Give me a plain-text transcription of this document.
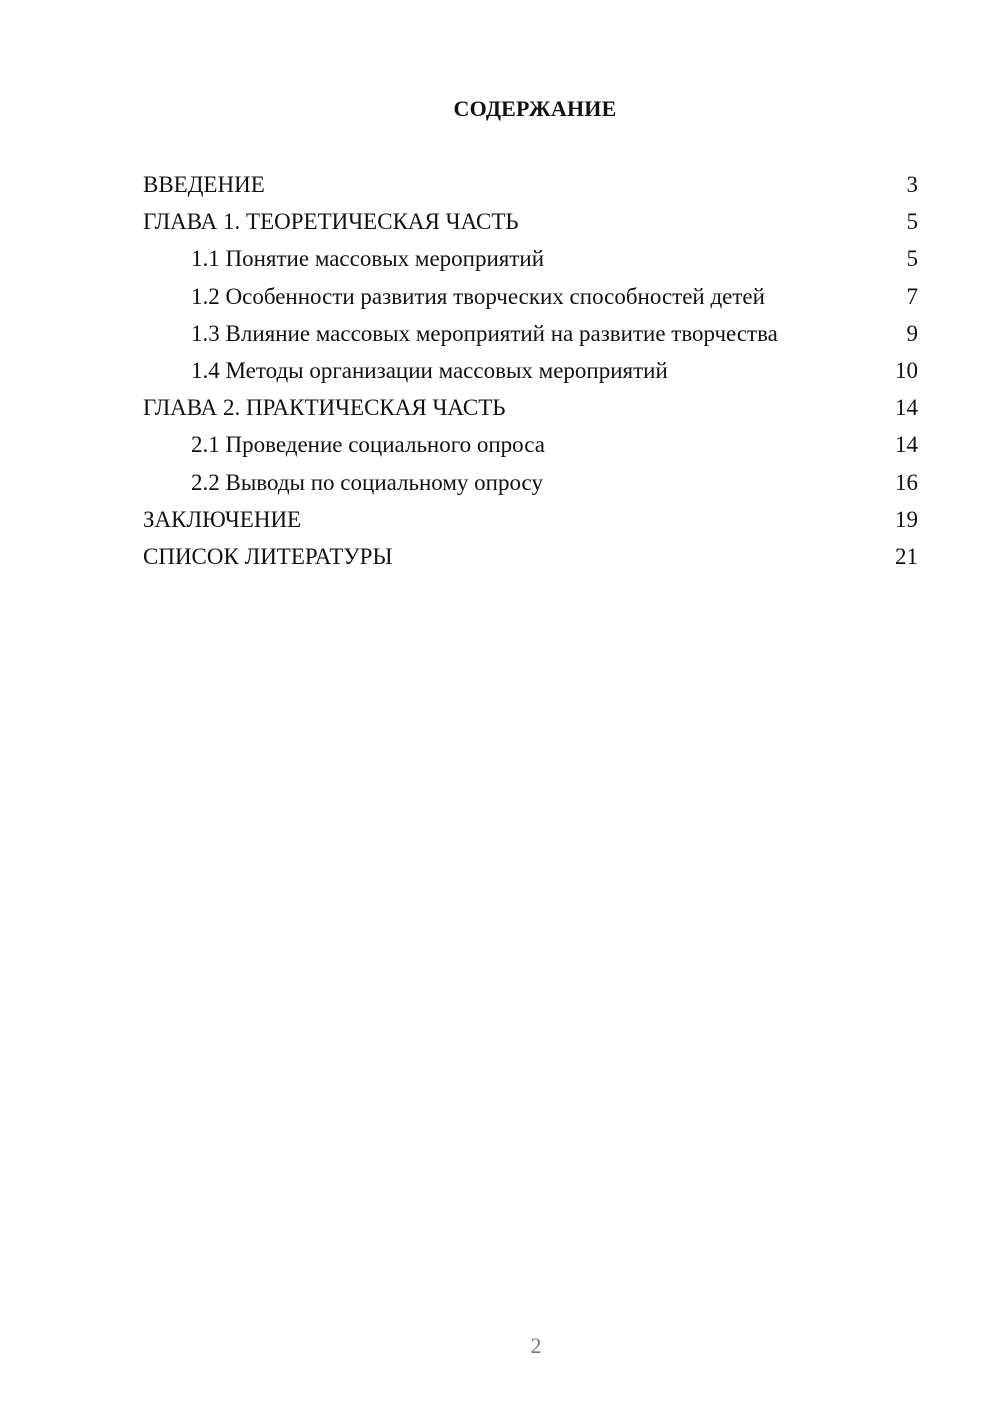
СОДЕРЖАНИЕ
ВВЕДЕНИЕ	3
ГЛАВА 1. ТЕОРЕТИЧЕСКАЯ ЧАСТЬ	5
1.1 Понятие массовых мероприятий	5
1.2 Особенности развития творческих способностей детей	7
1.3 Влияние массовых мероприятий на развитие творчества	9
1.4 Методы организации массовых мероприятий	10
ГЛАВА 2. ПРАКТИЧЕСКАЯ ЧАСТЬ	14
2.1 Проведение социального опроса	14
2.2 Выводы по социальному опросу	16
ЗАКЛЮЧЕНИЕ	19
СПИСОК ЛИТЕРАТУРЫ	21
2
